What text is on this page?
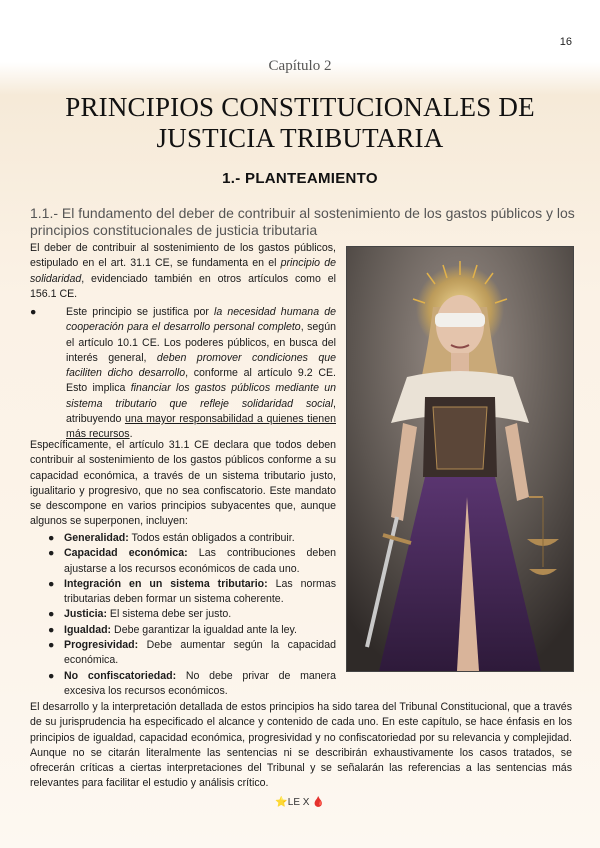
16
Capítulo 2
PRINCIPIOS CONSTITUCIONALES DE JUSTICIA TRIBUTARIA
1.- PLANTEAMIENTO
1.1.- El fundamento del deber de contribuir al sostenimiento de los gastos públicos y los principios constitucionales de justicia tributaria
El deber de contribuir al sostenimiento de los gastos públicos, estipulado en el art. 31.1 CE, se fundamenta en el principio de solidaridad, evidenciado también en otros artículos como el 156.1 CE.

●	Este principio se justifica por la necesidad humana de cooperación para el desarrollo personal completo, según el artículo 10.1 CE. Los poderes públicos, en busca del interés general, deben promover condiciones que faciliten dicho desarrollo, conforme al artículo 9.2 CE. Esto implica financiar los gastos públicos mediante un sistema tributario que refleje solidaridad social, atribuyendo una mayor responsabilidad a quienes tienen más recursos.

Específicamente, el artículo 31.1 CE declara que todos deben contribuir al sostenimiento de los gastos públicos conforme a su capacidad económica, a través de un sistema tributario justo, igualitario y progresivo, que no sea confiscatorio. Este mandato se descompone en varios principios subyacentes que, aunque algunos se superponen, incluyen:
● Generalidad: Todos están obligados a contribuir.
● Capacidad económica: Las contribuciones deben ajustarse a los recursos económicos de cada uno.
● Integración en un sistema tributario: Las normas tributarias deben formar un sistema coherente.
● Justicia: El sistema debe ser justo.
● Igualdad: Debe garantizar la igualdad ante la ley.
● Progresividad: Debe aumentar según la capacidad económica.
● No confiscatoriedad: No debe privar de manera excesiva los recursos económicos.
El desarrollo y la interpretación detallada de estos principios ha sido tarea del Tribunal Constitucional, que a través de su jurisprudencia ha especificado el alcance y contenido de cada uno. En este capítulo, se hace énfasis en los principios de igualdad, capacidad económica, progresividad y no confiscatoriedad por su relevancia y complejidad. Aunque no se citarán literalmente las sentencias ni se describirán exhaustivamente los casos tratados, se ofrecerán críticas a ciertas interpretaciones del Tribunal y se señalarán las referencias a las sentencias más relevantes para facilitar el estudio y análisis crítico.
⭐LE X 🩸
